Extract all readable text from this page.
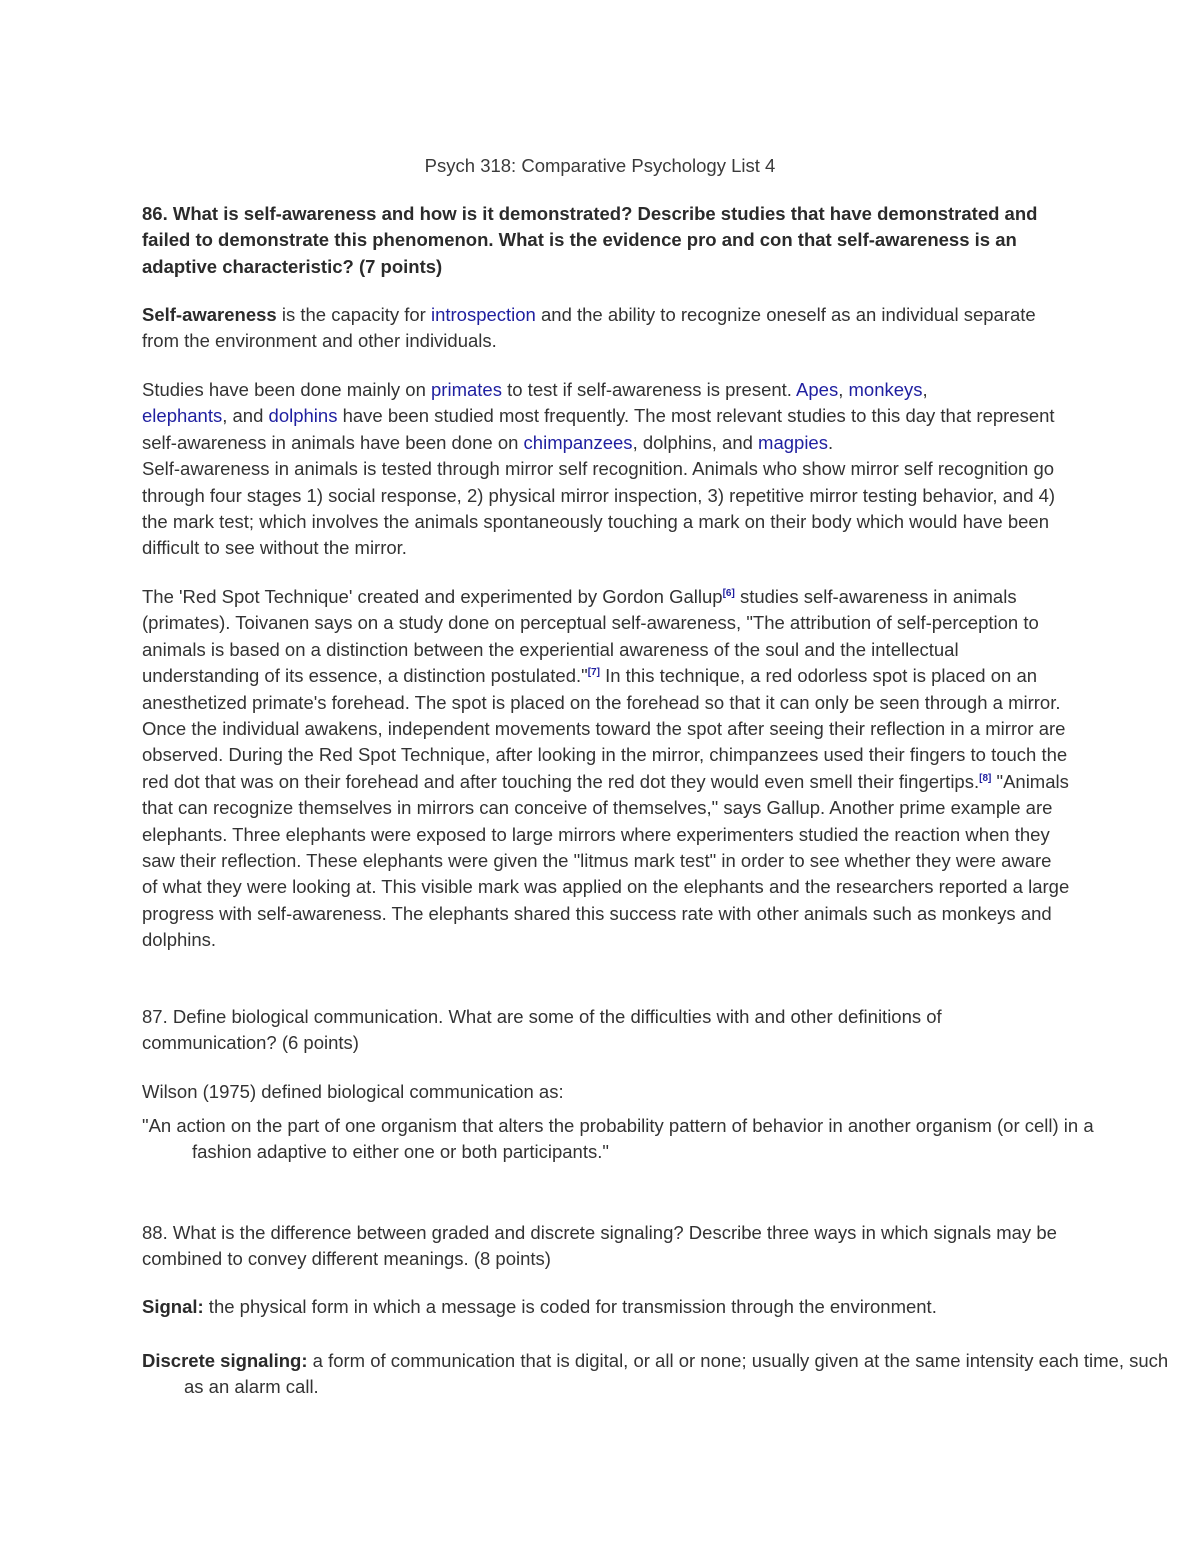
Psych 318: Comparative Psychology List 4
86. What is self-awareness and how is it demonstrated? Describe studies that have demonstrated and failed to demonstrate this phenomenon. What is the evidence pro and con that self-awareness is an adaptive characteristic? (7 points)
Self-awareness is the capacity for introspection and the ability to recognize oneself as an individual separate from the environment and other individuals.
Studies have been done mainly on primates to test if self-awareness is present. Apes, monkeys,
elephants, and dolphins have been studied most frequently. The most relevant studies to this day that represent self-awareness in animals have been done on chimpanzees, dolphins, and magpies.
Self-awareness in animals is tested through mirror self recognition. Animals who show mirror self recognition go through four stages 1) social response, 2) physical mirror inspection, 3) repetitive mirror testing behavior, and 4) the mark test; which involves the animals spontaneously touching a mark on their body which would have been difficult to see without the mirror.
The 'Red Spot Technique' created and experimented by Gordon Gallup[6] studies self-awareness in animals (primates). Toivanen says on a study done on perceptual self-awareness, "The attribution of self-perception to animals is based on a distinction between the experiential awareness of the soul and the intellectual understanding of its essence, a distinction postulated."[7] In this technique, a red odorless spot is placed on an anesthetized primate's forehead. The spot is placed on the forehead so that it can only be seen through a mirror. Once the individual awakens, independent movements toward the spot after seeing their reflection in a mirror are observed. During the Red Spot Technique, after looking in the mirror, chimpanzees used their fingers to touch the red dot that was on their forehead and after touching the red dot they would even smell their fingertips.[8] "Animals that can recognize themselves in mirrors can conceive of themselves," says Gallup. Another prime example are elephants. Three elephants were exposed to large mirrors where experimenters studied the reaction when they saw their reflection. These elephants were given the "litmus mark test" in order to see whether they were aware of what they were looking at. This visible mark was applied on the elephants and the researchers reported a large progress with self-awareness. The elephants shared this success rate with other animals such as monkeys and dolphins.
87. Define biological communication. What are some of the difficulties with and other definitions of communication? (6 points)
Wilson (1975) defined biological communication as:
"An action on the part of one organism that alters the probability pattern of behavior in another organism (or cell) in a fashion adaptive to either one or both participants."
88. What is the difference between graded and discrete signaling? Describe three ways in which signals may be combined to convey different meanings. (8 points)
Signal: the physical form in which a message is coded for transmission through the environment.
Discrete signaling: a form of communication that is digital, or all or none; usually given at the same intensity each time, such as an alarm call.
